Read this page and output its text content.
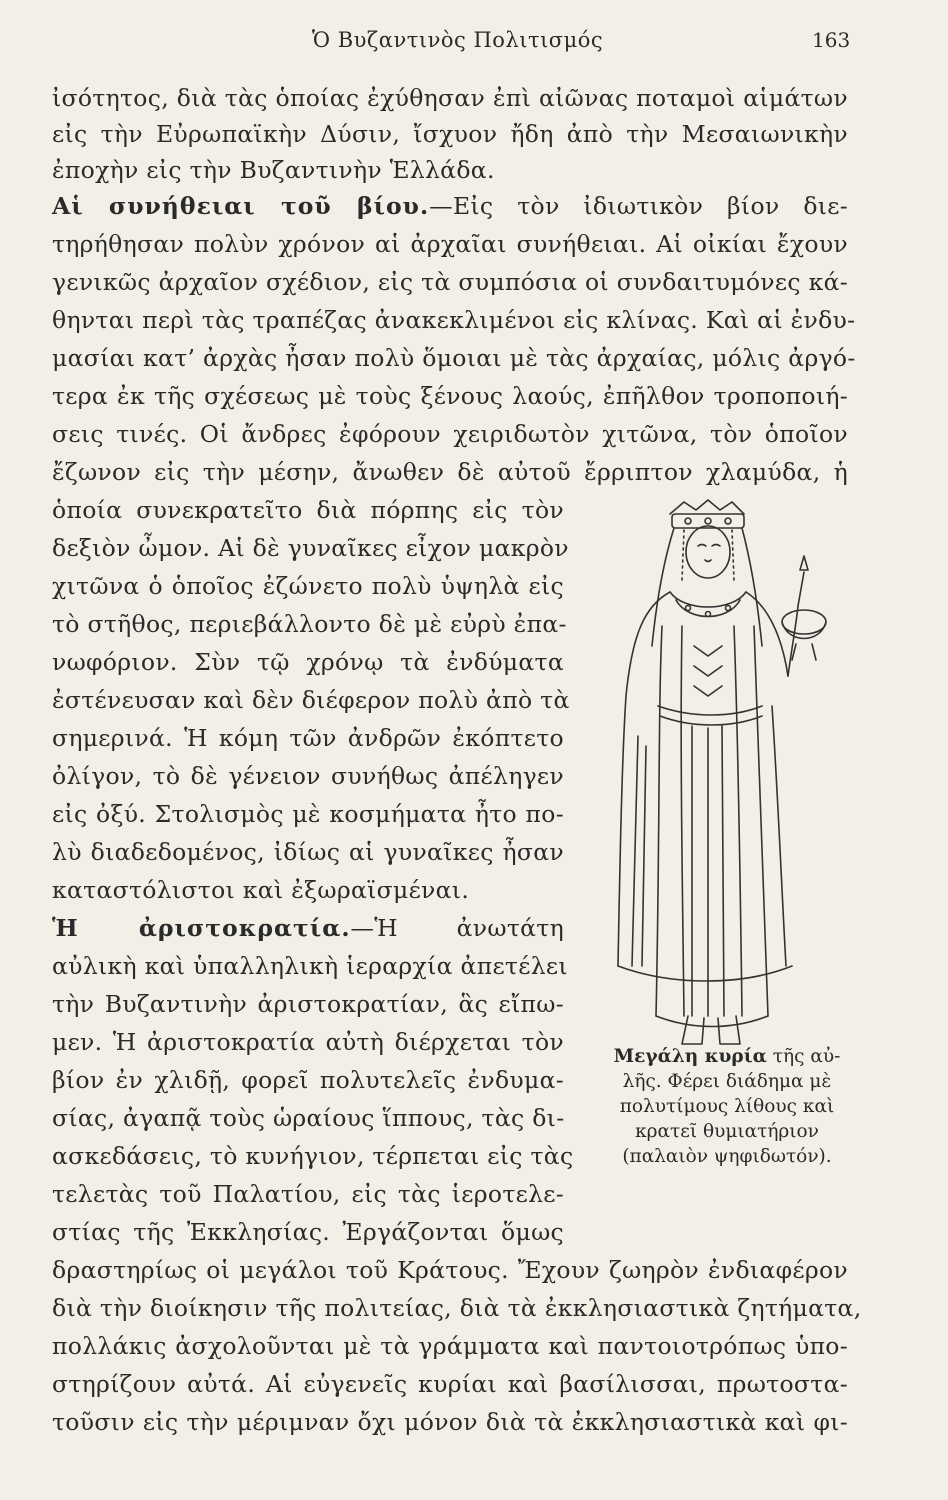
Ὁ Βυζαντινὸς Πολιτισμός	163
ἰσότητος, διὰ τὰς ὁποίας ἐχύθησαν ἐπὶ αἰῶνας ποταμοὶ αἱμάτων
εἰς τὴν Εὐρωπαϊκὴν Δύσιν, ἴσχυον ἤδη ἀπὸ τὴν Μεσαιωνικὴν
ἐποχὴν εἰς τὴν Βυζαντινὴν Ἑλλάδα.
Αἱ συνήθειαι τοῦ βίου.—Εἰς τὸν ἰδιωτικὸν βίον διε-
τηρήθησαν πολὺν χρόνον αἱ ἀρχαῖαι συνήθειαι. Αἱ οἰκίαι ἔχουν
γενικῶς ἀρχαῖον σχέδιον, εἰς τὰ συμπόσια οἱ συνδαιτυμόνες κά-
θηνται περὶ τὰς τραπέζας ἀνακεκλιμένοι εἰς κλίνας. Καὶ αἱ ἐνδυ-
μασίαι κατ’ ἀρχὰς ἦσαν πολὺ ὅμοιαι μὲ τὰς ἀρχαίας, μόλις ἀργό-
τερα ἐκ τῆς σχέσεως μὲ τοὺς ξένους λαούς, ἐπῆλθον τροποποιή-
σεις τινές. Οἱ ἄνδρες ἐφόρουν χειριδωτὸν χιτῶνα, τὸν ὁποῖον
ἔζωνον εἰς τὴν μέσην, ἄνωθεν δὲ αὐτοῦ ἔρριπτον χλαμύδα, ἡ
ὁποία συνεκρατεῖτο διὰ πόρπης εἰς τὸν
δεξιὸν ὦμον. Αἱ δὲ γυναῖκες εἶχον μακρὸν
χιτῶνα ὁ ὁποῖος ἐζώνετο πολὺ ὑψηλὰ εἰς
τὸ στῆθος, περιεβάλλοντο δὲ μὲ εὐρὺ ἐπα-
νωφόριον. Σὺν τῷ χρόνῳ τὰ ἐνδύματα
ἐστένευσαν καὶ δὲν διέφερον πολὺ ἀπὸ τὰ
σημερινά. Ἡ κόμη τῶν ἀνδρῶν ἐκόπτετο
ὀλίγον, τὸ δὲ γένειον συνήθως ἀπέληγεν
εἰς ὀξύ. Στολισμὸς μὲ κοσμήματα ἦτο πο-
λὺ διαδεδομένος, ἰδίως αἱ γυναῖκες ἦσαν
καταστόλιστοι καὶ ἐξωραϊσμέναι.
Ἡ ἀριστοκρατία.—Ἡ ἀνωτάτη
αὐλικὴ καὶ ὑπαλληλικὴ ἱεραρχία ἀπετέλει
τὴν Βυζαντινὴν ἀριστοκρατίαν, ἃς εἴπω-
μεν. Ἡ ἀριστοκρατία αὐτὴ διέρχεται τὸν
βίον ἐν χλιδῇ, φορεῖ πολυτελεῖς ἐνδυμα-
σίας, ἀγαπᾷ τοὺς ὡραίους ἵππους, τὰς δι-
ασκεδάσεις, τὸ κυνήγιον, τέρπεται εἰς τὰς
τελετὰς τοῦ Παλατίου, εἰς τὰς ἱεροτελε-
στίας τῆς Ἐκκλησίας. Ἐργάζονται ὅμως
δραστηρίως οἱ μεγάλοι τοῦ Κράτους. Ἔχουν ζωηρὸν ἐνδιαφέρον
διὰ τὴν διοίκησιν τῆς πολιτείας, διὰ τὰ ἐκκλησιαστικὰ ζητήματα,
πολλάκις ἀσχολοῦνται μὲ τὰ γράμματα καὶ παντοιοτρόπως ὑπο-
στηρίζουν αὐτά. Αἱ εὐγενεῖς κυρίαι καὶ βασίλισσαι, πρωτοστα-
τοῦσιν εἰς τὴν μέριμναν ὄχι μόνον διὰ τὰ ἐκκλησιαστικὰ καὶ φι-
Μεγάλη κυρία τῆς αὐ-
λῆς. Φέρει διάδημα μὲ
πολυτίμους λίθους καὶ
κρατεῖ θυμιατήριον
(παλαιὸν ψηφιδωτόν).
